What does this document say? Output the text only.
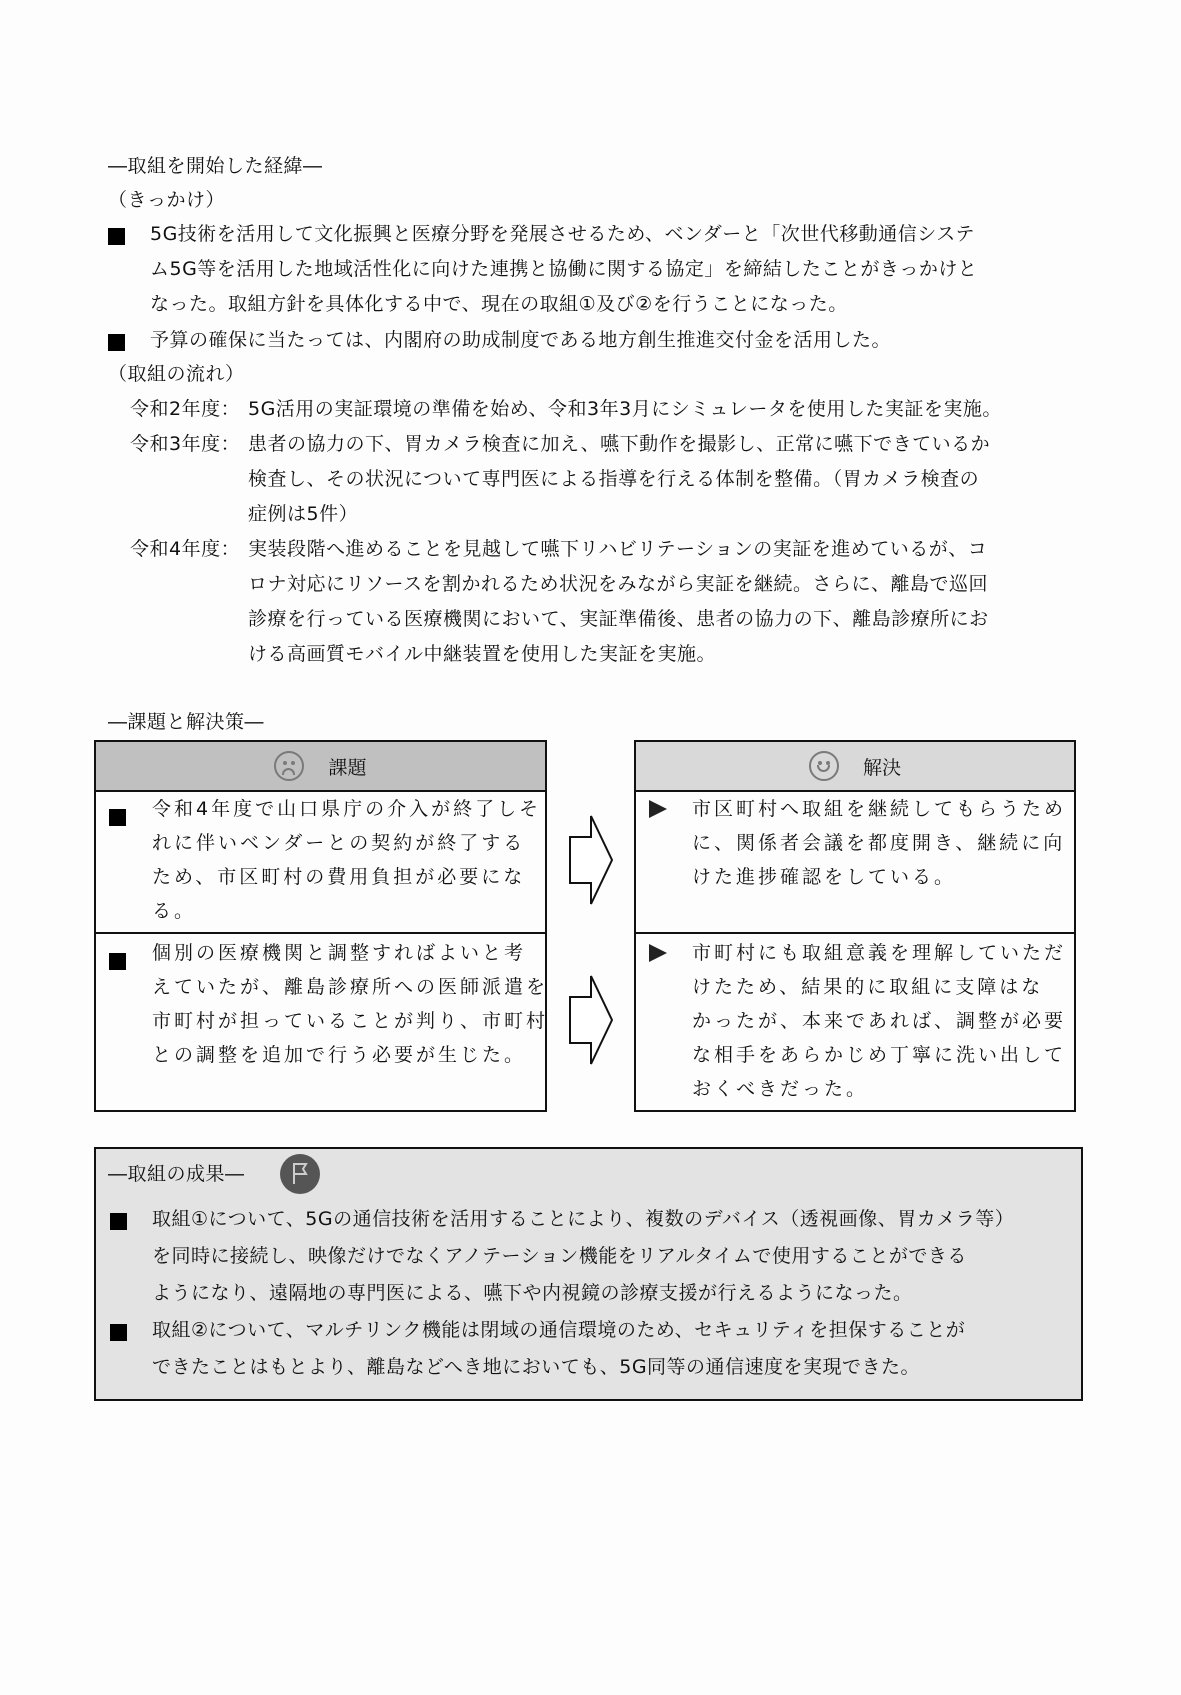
―取組を開始した経緯―
（きっかけ）
5G技術を活用して文化振興と医療分野を発展させるため、ベンダーと「次世代移動通信システ
ム5G等を活用した地域活性化に向けた連携と協働に関する協定」を締結したことがきっかけと
なった。取組方針を具体化する中で、現在の取組①及び②を行うことになった。
予算の確保に当たっては、内閣府の助成制度である地方創生推進交付金を活用した。
（取組の流れ）
令和2年度： 5G活用の実証環境の準備を始め、令和3年3月にシミュレータを使用した実証を実施。
令和3年度： 患者の協力の下、胃カメラ検査に加え、嚥下動作を撮影し、正常に嚥下できているか
検査し、その状況について専門医による指導を行える体制を整備。（胃カメラ検査の
症例は5件）
令和4年度： 実装段階へ進めることを見越して嚥下リハビリテーションの実証を進めているが、コ
ロナ対応にリソースを割かれるため状況をみながら実証を継続。さらに、離島で巡回
診療を行っている医療機関において、実証準備後、患者の協力の下、離島診療所にお
ける高画質モバイル中継装置を使用した実証を実施。
―課題と解決策―
課題
令和4年度で山口県庁の介入が終了しそ
れに伴いベンダーとの契約が終了する
ため、市区町村の費用負担が必要にな
る。
個別の医療機関と調整すればよいと考
えていたが、離島診療所への医師派遣を
市町村が担っていることが判り、市町村
との調整を追加で行う必要が生じた。
解決
市区町村へ取組を継続してもらうため
に、関係者会議を都度開き、継続に向
けた進捗確認をしている。
市町村にも取組意義を理解していただ
けたため、結果的に取組に支障はな
かったが、本来であれば、調整が必要
な相手をあらかじめ丁寧に洗い出して
おくべきだった。
―取組の成果―
取組①について、5Gの通信技術を活用することにより、複数のデバイス（透視画像、胃カメラ等）
を同時に接続し、映像だけでなくアノテーション機能をリアルタイムで使用することができる
ようになり、遠隔地の専門医による、嚥下や内視鏡の診療支援が行えるようになった。
取組②について、マルチリンク機能は閉域の通信環境のため、セキュリティを担保することが
できたことはもとより、離島などへき地においても、5G同等の通信速度を実現できた。
